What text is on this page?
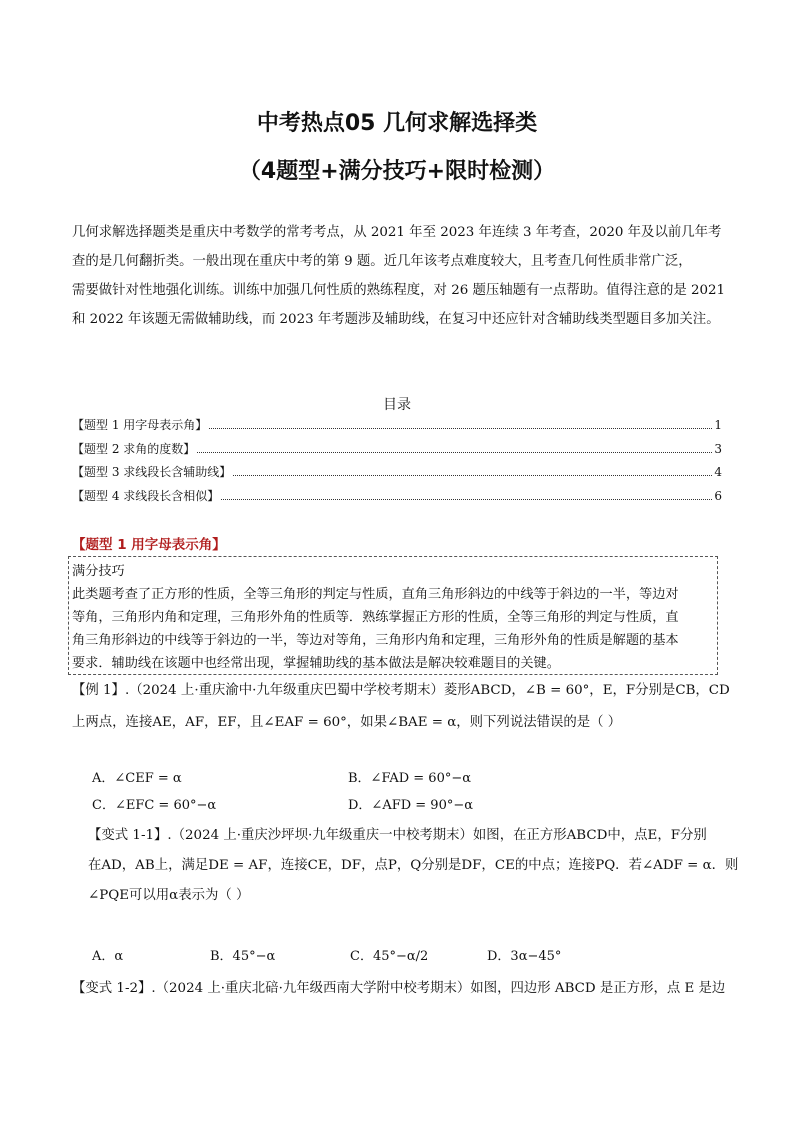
中考热点05 几何求解选择类
（4题型+满分技巧+限时检测）
几何求解选择题类是重庆中考数学的常考考点，从 2021 年至 2023 年连续 3 年考查，2020 年及以前几年考
查的是几何翻折类。一般出现在重庆中考的第 9 题。近几年该考点难度较大，且考查几何性质非常广泛，
需要做针对性地强化训练。训练中加强几何性质的熟练程度，对 26 题压轴题有一点帮助。值得注意的是 2021
和 2022 年该题无需做辅助线，而 2023 年考题涉及辅助线，在复习中还应针对含辅助线类型题目多加关注。
目录
【题型 1 用字母表示角】	1
【题型 2 求角的度数】	3
【题型 3 求线段长含辅助线】	4
【题型 4 求线段长含相似】	6
【题型 1 用字母表示角】
满分技巧
此类题考查了正方形的性质，全等三角形的判定与性质，直角三角形斜边的中线等于斜边的一半，等边对
等角，三角形内角和定理，三角形外角的性质等．熟练掌握正方形的性质，全等三角形的判定与性质，直
角三角形斜边的中线等于斜边的一半，等边对等角，三角形内角和定理，三角形外角的性质是解题的基本
要求．辅助线在该题中也经常出现，掌握辅助线的基本做法是解决较难题目的关键。
【例 1】.（2024 上·重庆渝中·九年级重庆巴蜀中学校考期末）菱形ABCD，∠B = 60°，E，F分别是CB，CD
上两点，连接AE，AF，EF，且∠EAF = 60°，如果∠BAE = α，则下列说法错误的是（ ）
A．∠CEF = α	B．∠FAD = 60°−α
C．∠EFC = 60°−α	D．∠AFD = 90°−α
【变式 1-1】.（2024 上·重庆沙坪坝·九年级重庆一中校考期末）如图，在正方形ABCD中，点E，F分别
在AD，AB上，满足DE = AF，连接CE，DF，点P，Q分别是DF，CE的中点；连接PQ．若∠ADF = α．则
∠PQE可以用α表示为（ ）
A．α	B．45°−α	C．45°−α/2	D．3α−45°
【变式 1-2】.（2024 上·重庆北碚·九年级西南大学附中校考期末）如图，四边形 ABCD 是正方形，点 E 是边
